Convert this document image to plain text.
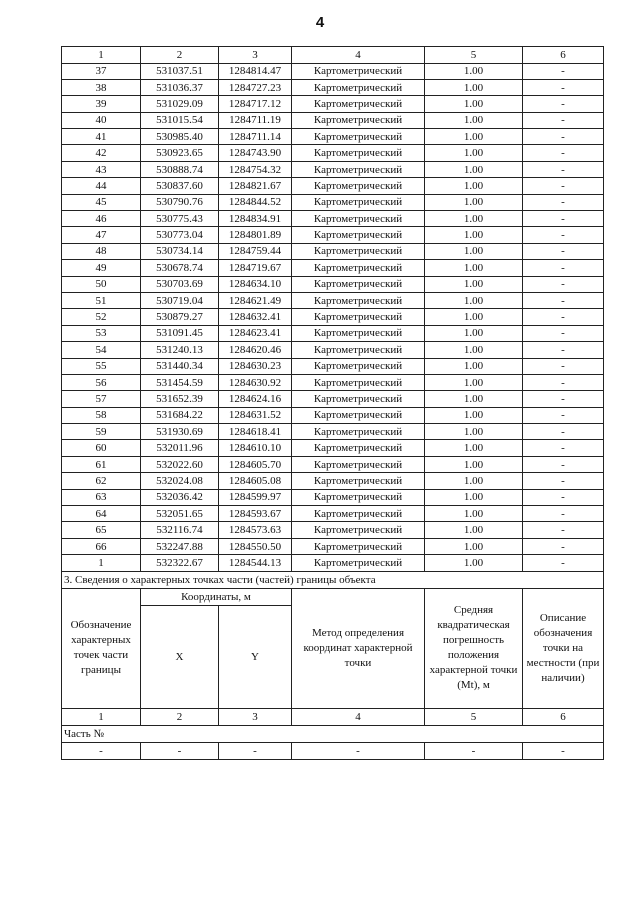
4
1	2	3	4	5	6
37	531037.51	1284814.47	Картометрический	1.00	-
38	531036.37	1284727.23	Картометрический	1.00	-
39	531029.09	1284717.12	Картометрический	1.00	-
40	531015.54	1284711.19	Картометрический	1.00	-
41	530985.40	1284711.14	Картометрический	1.00	-
42	530923.65	1284743.90	Картометрический	1.00	-
43	530888.74	1284754.32	Картометрический	1.00	-
44	530837.60	1284821.67	Картометрический	1.00	-
45	530790.76	1284844.52	Картометрический	1.00	-
46	530775.43	1284834.91	Картометрический	1.00	-
47	530773.04	1284801.89	Картометрический	1.00	-
48	530734.14	1284759.44	Картометрический	1.00	-
49	530678.74	1284719.67	Картометрический	1.00	-
50	530703.69	1284634.10	Картометрический	1.00	-
51	530719.04	1284621.49	Картометрический	1.00	-
52	530879.27	1284632.41	Картометрический	1.00	-
53	531091.45	1284623.41	Картометрический	1.00	-
54	531240.13	1284620.46	Картометрический	1.00	-
55	531440.34	1284630.23	Картометрический	1.00	-
56	531454.59	1284630.92	Картометрический	1.00	-
57	531652.39	1284624.16	Картометрический	1.00	-
58	531684.22	1284631.52	Картометрический	1.00	-
59	531930.69	1284618.41	Картометрический	1.00	-
60	532011.96	1284610.10	Картометрический	1.00	-
61	532022.60	1284605.70	Картометрический	1.00	-
62	532024.08	1284605.08	Картометрический	1.00	-
63	532036.42	1284599.97	Картометрический	1.00	-
64	532051.65	1284593.67	Картометрический	1.00	-
65	532116.74	1284573.63	Картометрический	1.00	-
66	532247.88	1284550.50	Картометрический	1.00	-
1	532322.67	1284544.13	Картометрический	1.00	-
3. Сведения о характерных точках части (частей) границы объекта					
Обозначение характерных точек части границы	Координаты, м		Метод определения координат характерной точки	Средняя квадратическая погрешность положения характерной точки (Mt), м	Описание обозначения точки на местности (при наличии)
	X	Y			
1	2	3	4	5	6
Часть №					
-	-	-	-	-	-
